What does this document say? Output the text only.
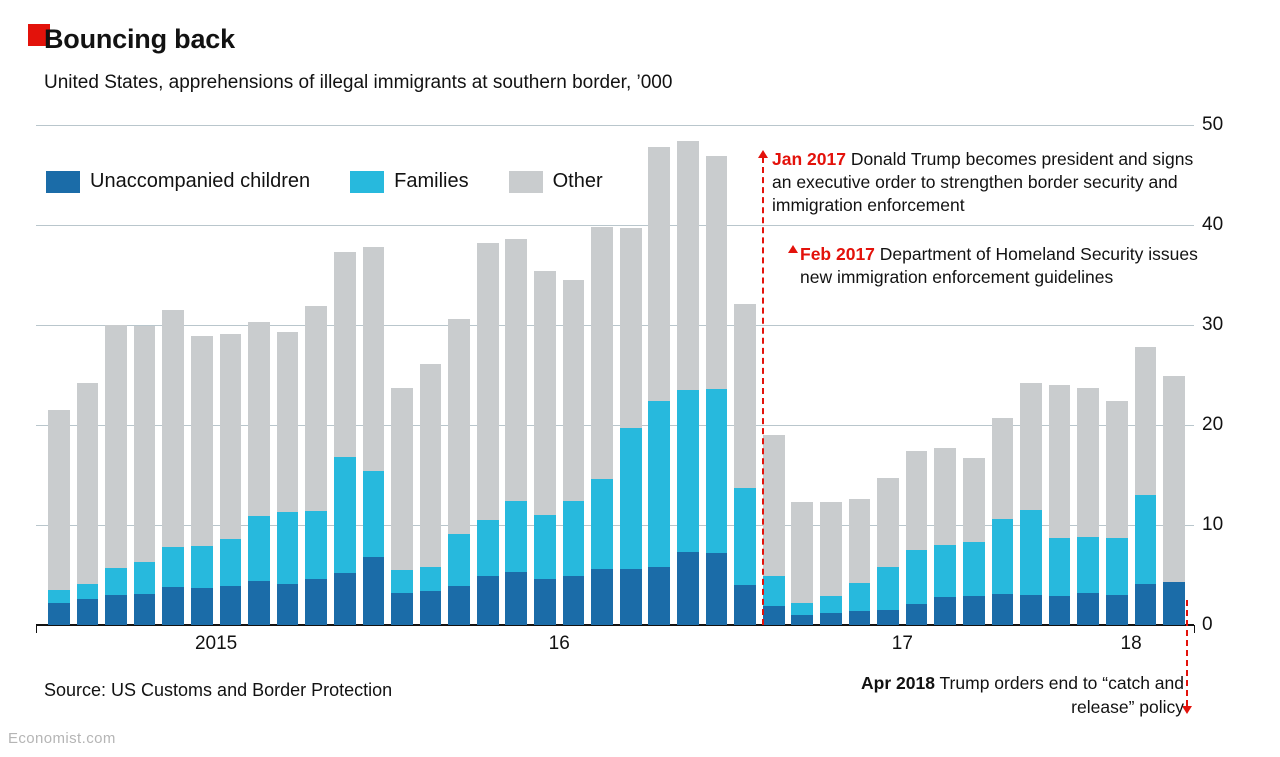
Bouncing back
United States, apprehensions of illegal immigrants at southern border, ’000
0
10
20
30
40
50
2015	16	17	18
Unaccompanied children	Families	Other
Jan 2017 Donald Trump becomes president and signs an executive order to strengthen border security and immigration enforcement
Feb 2017 Department of Homeland Security issues new immigration enforcement guidelines
Apr 2018 Trump orders end to “catch and release” policy
Source: US Customs and Border Protection
Economist.com
